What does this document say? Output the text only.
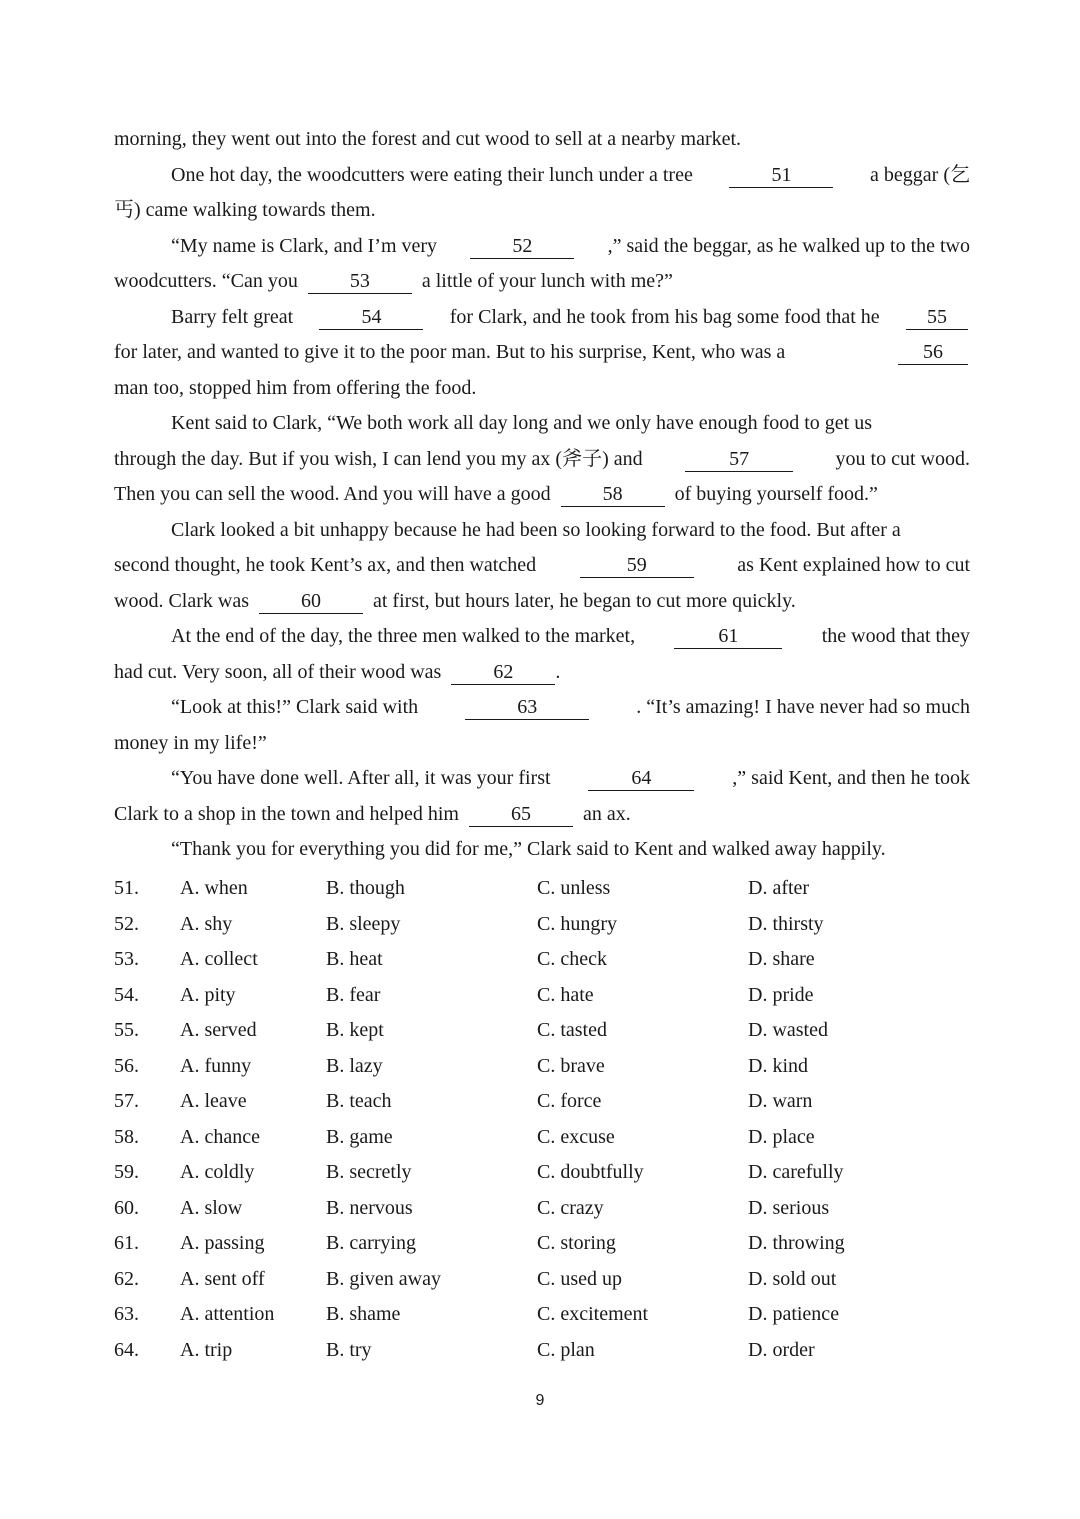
morning, they went out into the forest and cut wood to sell at a nearby market.
One hot day, the woodcutters were eating their lunch under a tree	51	a beggar (乞
丐) came walking towards them.
“My name is Clark, and I’m very	52	,” said the beggar, as he walked up to the two
woodcutters. “Can you	53	a little of your lunch with me?”
Barry felt great	54	for Clark, and he took from his bag some food that he	55
for later, and wanted to give it to the poor man. But to his surprise, Kent, who was a	56
man too, stopped him from offering the food.
Kent said to Clark, “We both work all day long and we only have enough food to get us
through the day. But if you wish, I can lend you my ax (斧子) and	57	you to cut wood.
Then you can sell the wood. And you will have a good	58	of buying yourself food.”
Clark looked a bit unhappy because he had been so looking forward to the food. But after a
second thought, he took Kent’s ax, and then watched	59	as Kent explained how to cut
wood. Clark was	60	at first, but hours later, he began to cut more quickly.
At the end of the day, the three men walked to the market,	61	the wood that they
had cut. Very soon, all of their wood was	62	.
“Look at this!” Clark said with	63	. “It’s amazing! I have never had so much
money in my life!”
“You have done well. After all, it was your first	64	,” said Kent, and then he took
Clark to a shop in the town and helped him	65	an ax.
“Thank you for everything you did for me,” Clark said to Kent and walked away happily.
51. A. when	B. though	C. unless	D. after
52. A. shy	B. sleepy	C. hungry	D. thirsty
53. A. collect	B. heat	C. check	D. share
54. A. pity	B. fear	C. hate	D. pride
55. A. served	B. kept	C. tasted	D. wasted
56. A. funny	B. lazy	C. brave	D. kind
57. A. leave	B. teach	C. force	D. warn
58. A. chance	B. game	C. excuse	D. place
59. A. coldly	B. secretly	C. doubtfully	D. carefully
60. A. slow	B. nervous	C. crazy	D. serious
61. A. passing	B. carrying	C. storing	D. throwing
62. A. sent off	B. given away	C. used up	D. sold out
63. A. attention	B. shame	C. excitement	D. patience
64. A. trip	B. try	C. plan	D. order
9
